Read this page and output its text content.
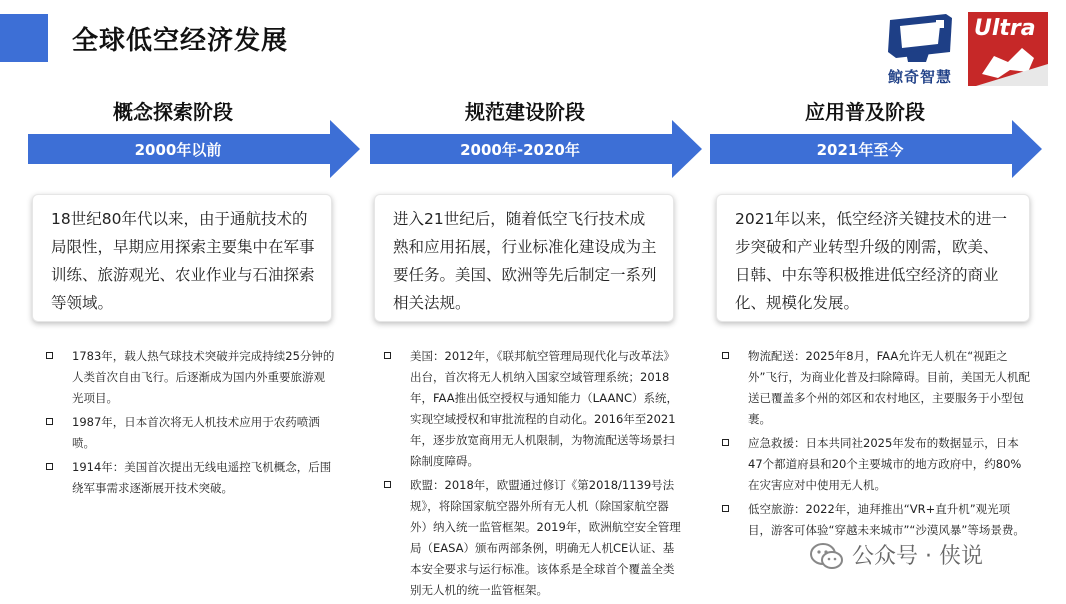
全球低空经济发展
鲸奇智慧
Ultra
概念探索阶段
2000年以前
18世纪80年代以来，由于通航技术的局限性，早期应用探索主要集中在军事训练、旅游观光、农业作业与石油探索等领域。
1783年，载人热气球技术突破并完成持续25分钟的人类首次自由飞行。后逐渐成为国内外重要旅游观光项目。
1987年，日本首次将无人机技术应用于农药喷洒喷。
1914年：美国首次提出无线电遥控飞机概念，后围绕军事需求逐渐展开技术突破。
规范建设阶段
2000年-2020年
进入21世纪后，随着低空飞行技术成熟和应用拓展，行业标准化建设成为主要任务。美国、欧洲等先后制定一系列相关法规。
美国：2012年，《联邦航空管理局现代化与改革法》出台，首次将无人机纳入国家空域管理系统；2018年，FAA推出低空授权与通知能力（LAANC）系统，实现空域授权和审批流程的自动化。2016年至2021年，逐步放宽商用无人机限制，为物流配送等场景扫除制度障碍。
欧盟：2018年，欧盟通过修订《第2018/1139号法规》，将除国家航空器外所有无人机（除国家航空器外）纳入统一监管框架。2019年，欧洲航空安全管理局（EASA）颁布两部条例，明确无人机CE认证、基本安全要求与运行标准。该体系是全球首个覆盖全类别无人机的统一监管框架。
应用普及阶段
2021年至今
2021年以来，低空经济关键技术的进一步突破和产业转型升级的刚需，欧美、日韩、中东等积极推进低空经济的商业化、规模化发展。
物流配送：2025年8月，FAA允许无人机在“视距之外”飞行，为商业化普及扫除障碍。目前，美国无人机配送已覆盖多个州的郊区和农村地区，主要服务于小型包裹。
应急救援：日本共同社2025年发布的数据显示，日本47个都道府县和20个主要城市的地方政府中，约80%在灾害应对中使用无人机。
低空旅游：2022年，迪拜推出“VR+直升机”观光项目，游客可体验“穿越未来城市”“沙漠风暴”等场景费。
公众号 · 侠说
